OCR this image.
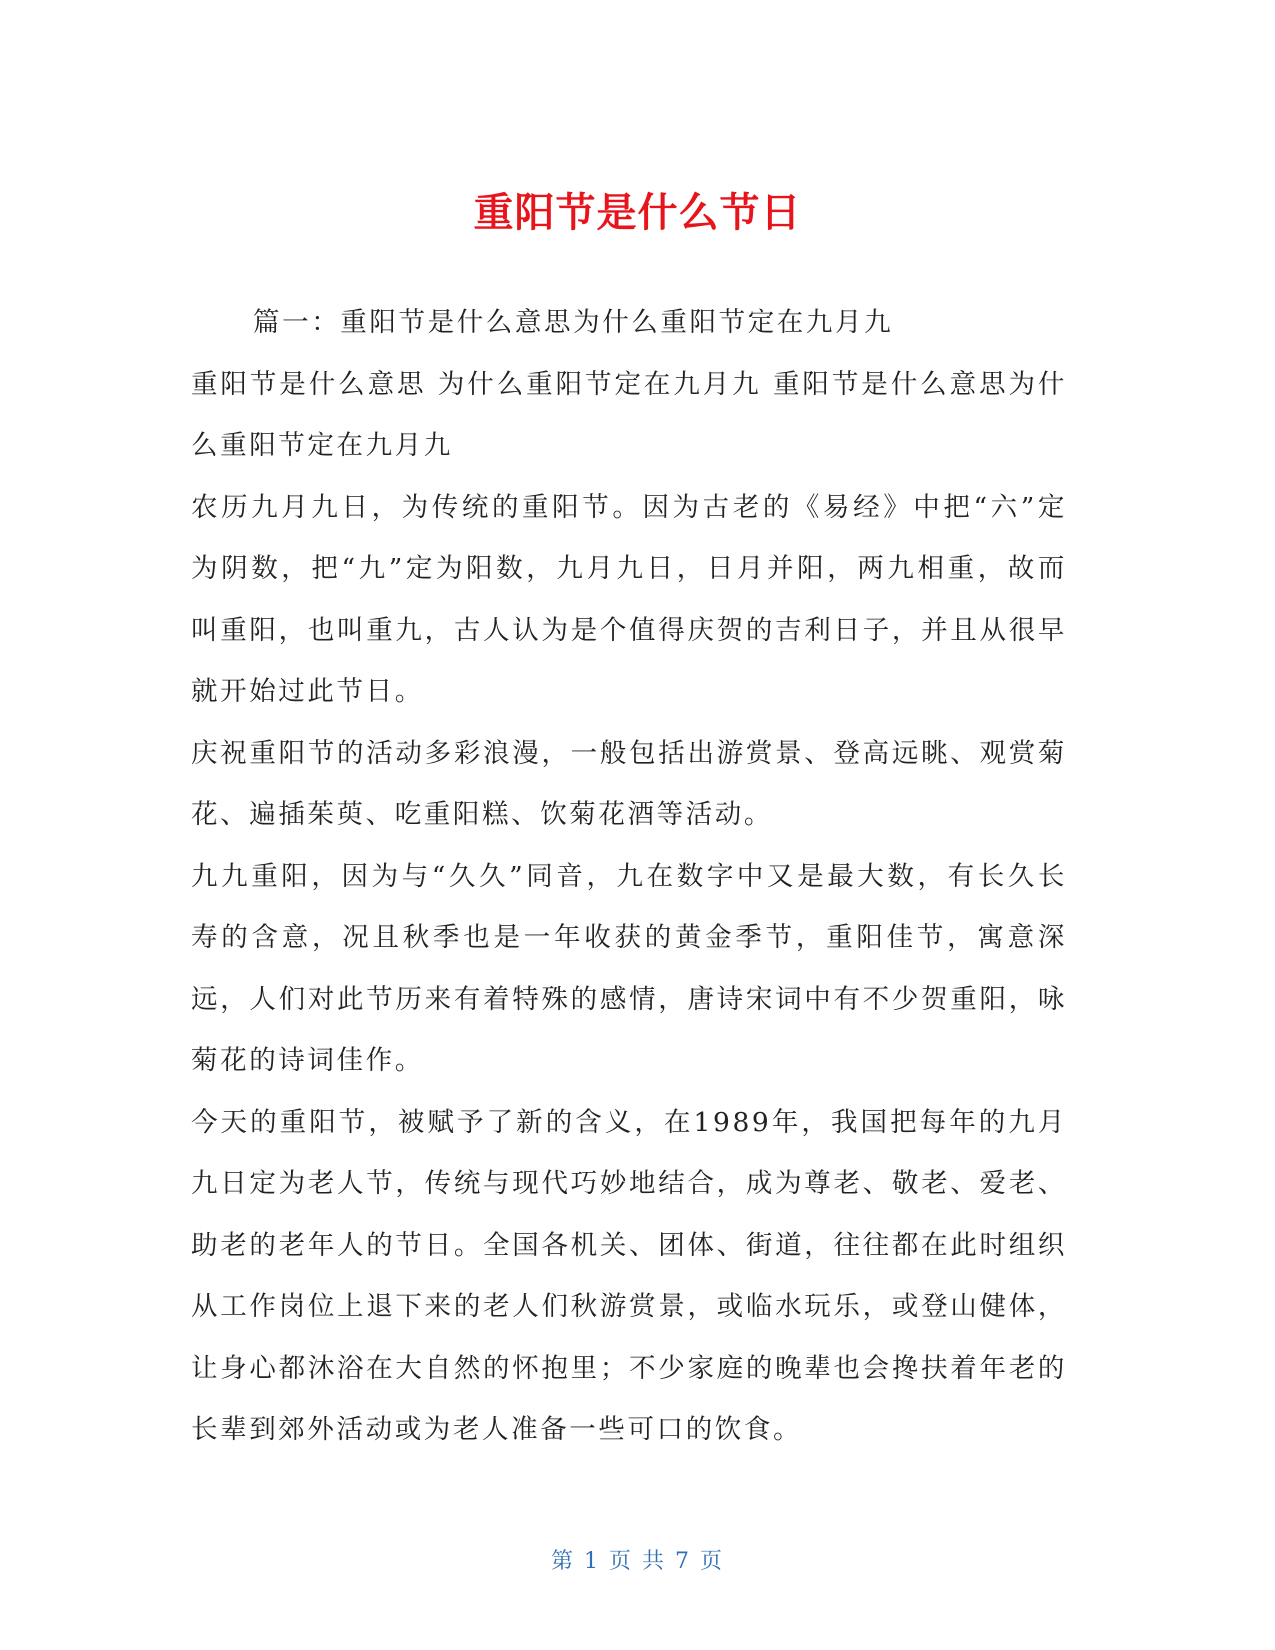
重阳节是什么节日

篇一：重阳节是什么意思为什么重阳节定在九月九

重阳节是什么意思 为什么重阳节定在九月九 重阳节是什么意思为什么重阳节定在九月九

农历九月九日，为传统的重阳节。因为古老的《易经》中把“六”定为阴数，把“九”定为阳数，九月九日，日月并阳，两九相重，故而叫重阳，也叫重九，古人认为是个值得庆贺的吉利日子，并且从很早就开始过此节日。

庆祝重阳节的活动多彩浪漫，一般包括出游赏景、登高远眺、观赏菊花、遍插茱萸、吃重阳糕、饮菊花酒等活动。

九九重阳，因为与“久久”同音，九在数字中又是最大数，有长久长寿的含意，况且秋季也是一年收获的黄金季节，重阳佳节，寓意深远，人们对此节历来有着特殊的感情，唐诗宋词中有不少贺重阳，咏菊花的诗词佳作。

今天的重阳节，被赋予了新的含义，在1989年，我国把每年的九月九日定为老人节，传统与现代巧妙地结合，成为尊老、敬老、爱老、助老的老年人的节日。全国各机关、团体、街道，往往都在此时组织从工作岗位上退下来的老人们秋游赏景，或临水玩乐，或登山健体，让身心都沐浴在大自然的怀抱里；不少家庭的晚辈也会搀扶着年老的长辈到郊外活动或为老人准备一些可口的饮食。

第 1 页 共 7 页
